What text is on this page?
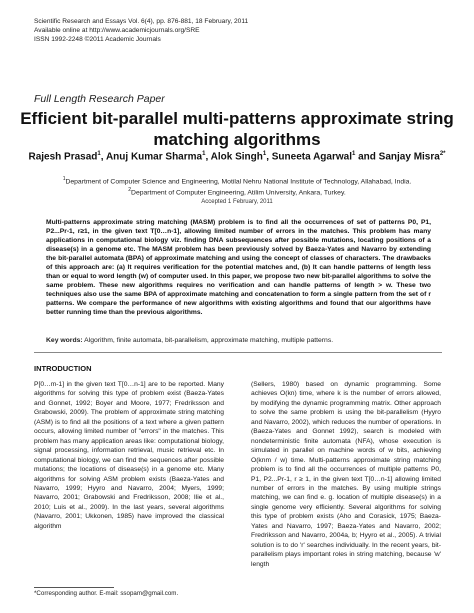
Scientific Research and Essays Vol. 6(4), pp. 876-881, 18 February, 2011
Available online at http://www.academicjournals.org/SRE
ISSN 1992-2248 ©2011 Academic Journals
Full Length Research Paper
Efficient bit-parallel multi-patterns approximate string matching algorithms
Rajesh Prasad$^1$, Anuj Kumar Sharma$^1$, Alok Singh$^1$, Suneeta Agarwal$^1$ and Sanjay Misra$^{2*}$
$^1$Department of Computer Science and Engineering, Motilal Nehru National Institute of Technology, Allahabad, India.
$^2$Department of Computer Engineering, Atilim University, Ankara, Turkey.
Accepted 1 February, 2011

Multi-patterns approximate string matching (MASM) problem is to find all the occurrences of set of patterns P0, P1, P2...Pr-1, r≥1, in the given text T[0…n-1], allowing limited number of errors in the matches. This problem has many applications in computational biology viz. finding DNA subsequences after possible mutations, locating positions of a disease(s) in a genome etc. The MASM problem has been previously solved by Baeza-Yates and Navarro by extending the bit-parallel automata (BPA) of approximate matching and using the concept of classes of characters. The drawbacks of this approach are: (a) It requires verification for the potential matches and, (b) It can handle patterns of length less than or equal to word length (w) of computer used. In this paper, we propose two new bit-parallel algorithms to solve the same problem. These new algorithms requires no verification and can handle patterns of length > w. These two techniques also use the same BPA of approximate matching and concatenation to form a single pattern from the set of r patterns. We compare the performance of new algorithms with existing algorithms and found that our algorithms have better running time than the previous algorithms.

Key words: Algorithm, finite automata, bit-parallelism, approximate matching, multiple patterns.
INTRODUCTION

P[0…m-1] in the given text T[0…n-1] are to be reported. Many algorithms for solving this type of problem exist (Baeza-Yates and Gonnet, 1992; Boyer and Moore, 1977; Fredriksson and Grabowski, 2009). The problem of approximate string matching (ASM) is to find all the positions of a text where a given pattern occurs, allowing limited number of "errors" in the matches. This problem has many application areas like: computational biology, signal processing, information retrieval, music retrieval etc. In computational biology, we can find the sequences after possible mutations; the locations of disease(s) in a genome etc. Many algorithms for solving ASM problem exists (Baeza-Yates and Navarro, 1999; Hyyro and Navarro, 2004; Myers, 1999; Navarro, 2001; Grabowski and Fredriksson, 2008; Ilie et al., 2010; Luis et al., 2009). In the last years, several algorithms (Navarro, 2001; Ukkonen, 1985) have improved the classical algorithm

(Sellers, 1980) based on dynamic programming. Some achieves O(kn) time, where k is the number of errors allowed, by modifying the dynamic programming matrix. Other approach to solve the same problem is using the bit-parallelism (Hyyro and Navarro, 2002), which reduces the number of operations. In (Baeza-Yates and Gonnet 1992), search is modeled with nondeterministic finite automata (NFA), whose execution is simulated in parallel on machine words of w bits, achieving O(knm / w) time. Multi-patterns approximate string matching problem is to find all the occurrences of multiple patterns P0, P1, P2...Pr-1, r ≥ 1, in the given text T[0…n-1] allowing limited number of errors in the matches. By using multiple strings matching, we can find e. g. location of multiple disease(s) in a single genome very efficiently. Several algorithms for solving this type of problem exists (Aho and Corasick, 1975; Baeza-Yates and Navarro, 1997; Baeza-Yates and Navarro, 2002; Fredriksson and Navarro, 2004a, b; Hyyro et al., 2005). A trivial solution is to do 'r' searches individually. In the recent years, bit-parallelism plays important roles in string matching, because 'w' length

*Corresponding author. E-mail: ssopam@gmail.com.
